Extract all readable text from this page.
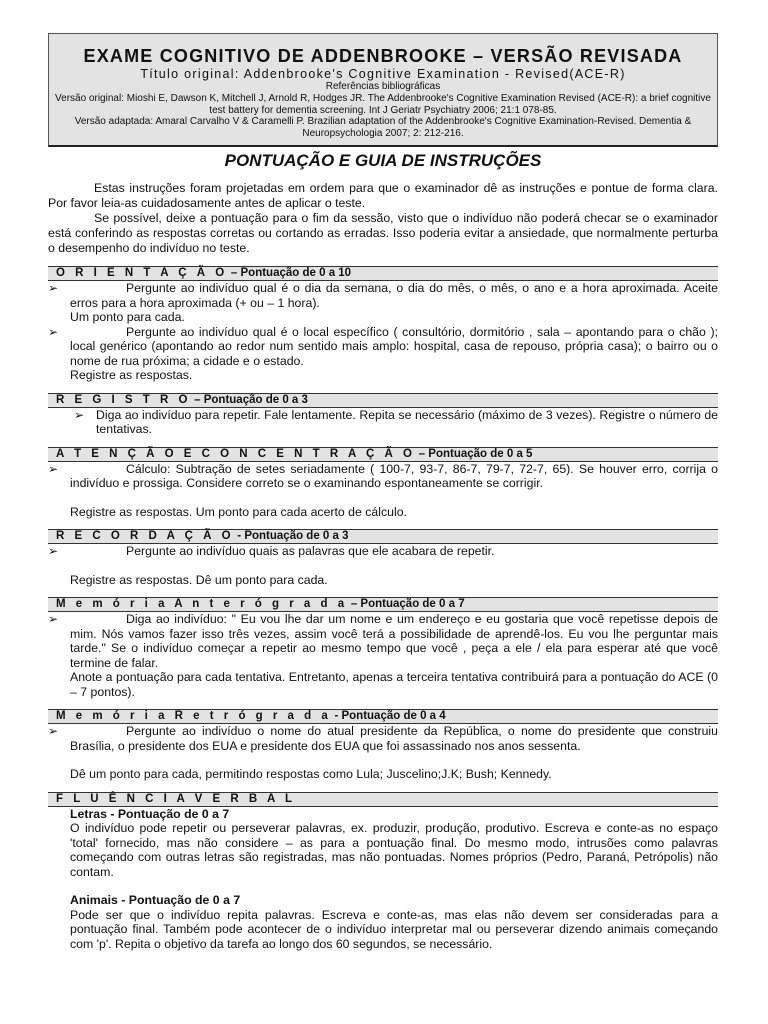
EXAME COGNITIVO DE ADDENBROOKE – VERSÃO REVISADA
Título original: Addenbrooke's Cognitive Examination - Revised(ACE-R)
Referências bibliográficas
Versão original: Mioshi E, Dawson K, Mitchell J, Arnold R, Hodges JR. The Addenbrooke's Cognitive Examination Revised (ACE-R): a brief cognitive test battery for dementia screening. Int J Geriatr Psychiatry 2006; 21:1 078-85.
Versão adaptada: Amaral Carvalho V & Caramelli P. Brazilian adaptation of the Addenbrooke's Cognitive Examination-Revised. Dementia & Neuropsychologia 2007; 2: 212-216.
PONTUAÇÃO E GUIA DE INSTRUÇÕES

Estas instruções foram projetadas em ordem para que o examinador dê as instruções e pontue de forma clara. Por favor leia-as cuidadosamente antes de aplicar o teste.

Se possível, deixe a pontuação para o fim da sessão, visto que o indivíduo não poderá checar se o examinador está conferindo as respostas corretas ou cortando as erradas. Isso poderia evitar a ansiedade, que normalmente perturba o desempenho do indivíduo no teste.

O R I E N T A Ç Ã O – Pontuação de 0 a 10
➢	Pergunte ao indivíduo qual é o dia da semana, o dia do mês, o mês, o ano e a hora aproximada. Aceite erros para a hora aproximada (+ ou – 1 hora).
Um ponto para cada.
➢	Pergunte ao indivíduo qual é o local específico ( consultório, dormitório , sala – apontando para o chão ); local genérico (apontando ao redor num sentido mais amplo: hospital, casa de repouso, própria casa); o bairro ou o nome de rua próxima; a cidade e o estado.
Registre as respostas.
R E G I S T R O – Pontuação de 0 a 3
➢ Diga ao indivíduo para repetir. Fale lentamente. Repita se necessário (máximo de 3 vezes). Registre o número de tentativas.
A T E N Ç Ã O E C O N C E N T R A Ç Ã O – Pontuação de 0 a 5
➢	Cálculo: Subtração de setes seriadamente ( 100-7, 93-7, 86-7, 79-7, 72-7, 65). Se houver erro, corrija o indivíduo e prossiga. Considere correto se o examinando espontaneamente se corrigir.
Registre as respostas. Um ponto para cada acerto de cálculo.
R E C O R D A Ç Ã O - Pontuação de 0 a 3
➢	Pergunte ao indivíduo quais as palavras que ele acabara de repetir.
Registre as respostas. Dê um ponto para cada.
M e m ó r i a A n t e r ó g r a d a – Pontuação de 0 a 7
➢	Diga ao indivíduo: " Eu vou lhe dar um nome e um endereço e eu gostaria que você repetisse depois de mim. Nós vamos fazer isso três vezes, assim você terá a possibilidade de aprendê-los. Eu vou lhe perguntar mais tarde." Se o indivíduo começar a repetir ao mesmo tempo que você , peça a ele / ela para esperar até que você termine de falar.
Anote a pontuação para cada tentativa. Entretanto, apenas a terceira tentativa contribuirá para a pontuação do ACE (0 – 7 pontos).
M e m ó r i a R e t r ó g r a d a - Pontuação de 0 a 4
➢	Pergunte ao indivíduo o nome do atual presidente da República, o nome do presidente que construiu Brasília, o presidente dos EUA e presidente dos EUA que foi assassinado nos anos sessenta.
Dê um ponto para cada, permitindo respostas como Lula; Juscelino;J.K; Bush; Kennedy.
F L U Ê N C I A V E R B A L
Letras - Pontuação de 0 a 7
O indivíduo pode repetir ou perseverar palavras, ex. produzir, produção, produtivo. Escreva e conte-as no espaço 'total' fornecido, mas não considere – as para a pontuação final. Do mesmo modo, intrusões como palavras começando com outras letras são registradas, mas não pontuadas. Nomes próprios (Pedro, Paraná, Petrópolis) não contam.
Animais - Pontuação de 0 a 7
Pode ser que o indivíduo repita palavras. Escreva e conte-as, mas elas não devem ser consideradas para a pontuação final. Também pode acontecer de o indivíduo interpretar mal ou perseverar dizendo animais começando com 'p'. Repita o objetivo da tarefa ao longo dos 60 segundos, se necessário.
